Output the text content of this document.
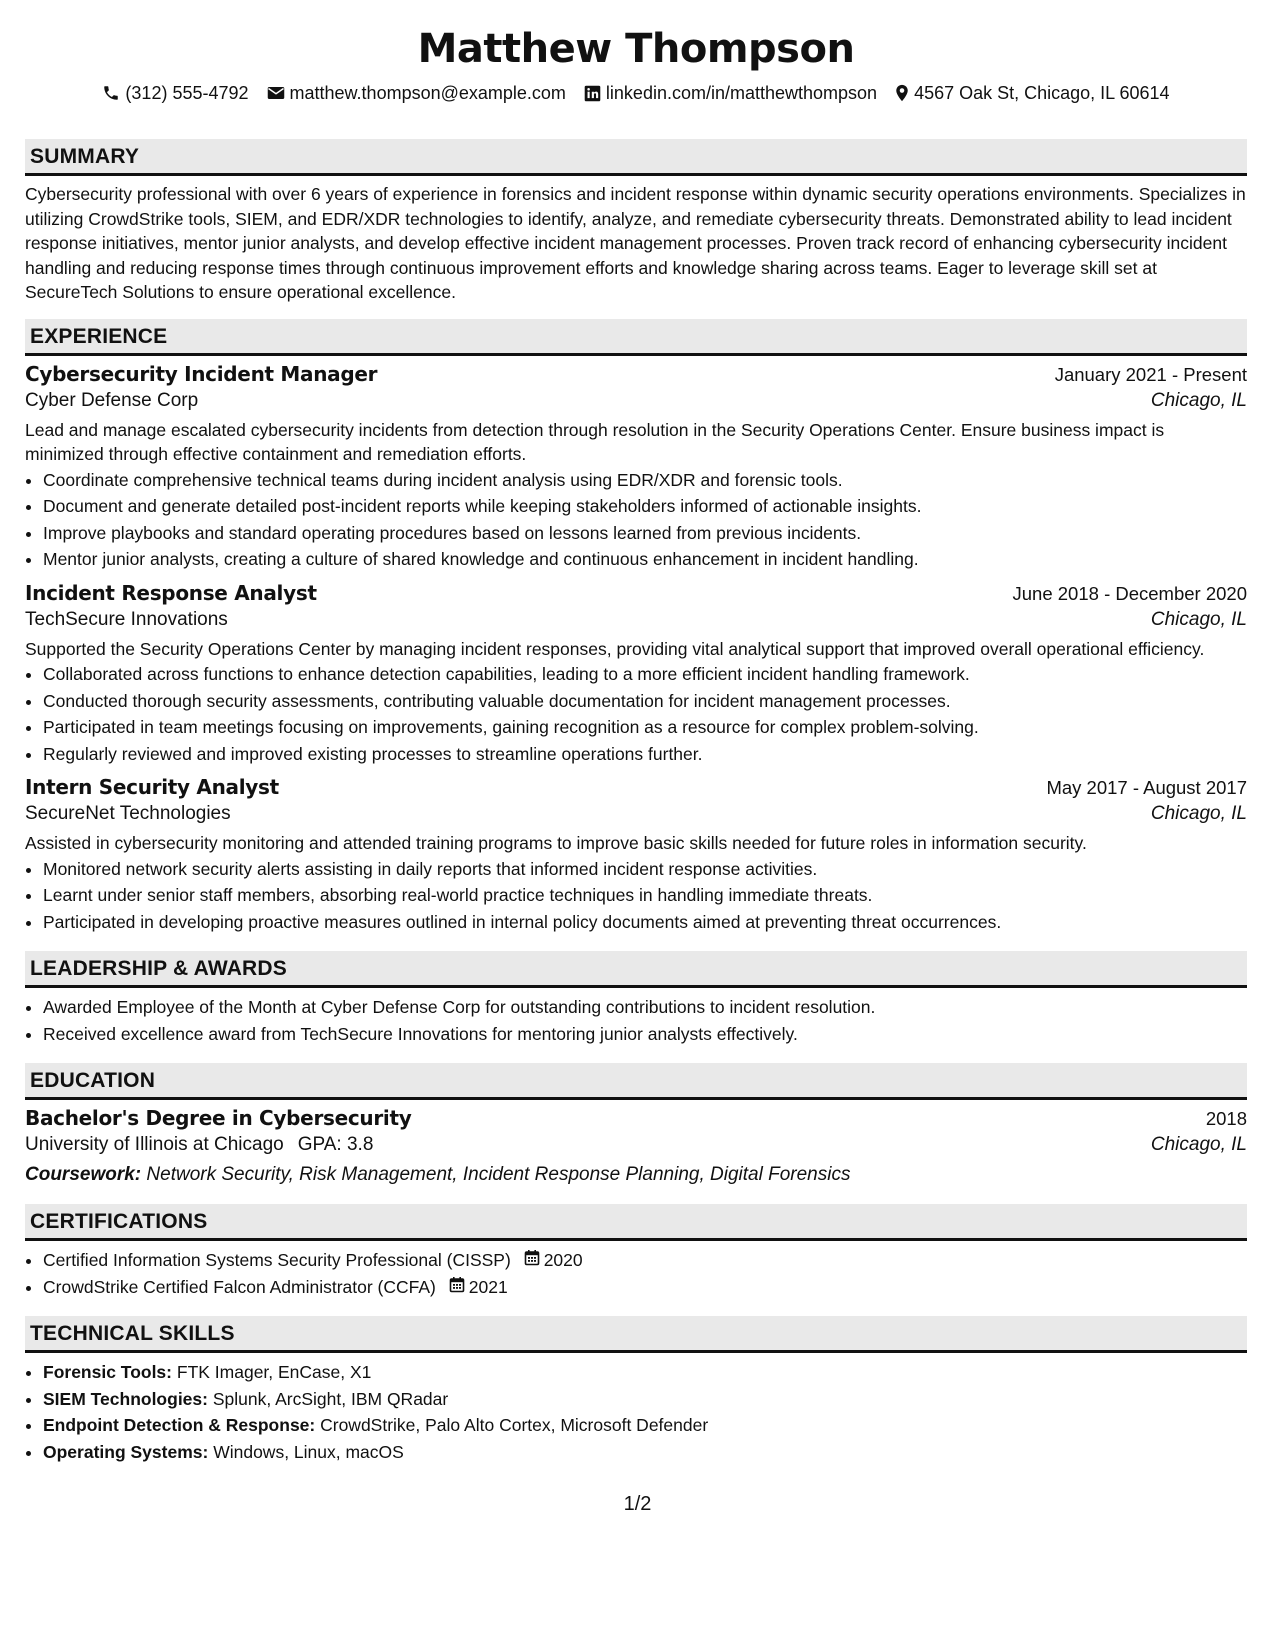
Matthew Thompson
(312) 555-4792 matthew.thompson@example.com linkedin.com/in/matthewthompson 4567 Oak St, Chicago, IL 60614
SUMMARY
Cybersecurity professional with over 6 years of experience in forensics and incident response within dynamic security operations environments. Specializes in utilizing CrowdStrike tools, SIEM, and EDR/XDR technologies to identify, analyze, and remediate cybersecurity threats. Demonstrated ability to lead incident response initiatives, mentor junior analysts, and develop effective incident management processes. Proven track record of enhancing cybersecurity incident handling and reducing response times through continuous improvement efforts and knowledge sharing across teams. Eager to leverage skill set at SecureTech Solutions to ensure operational excellence.
EXPERIENCE
Cybersecurity Incident Manager	January 2021 - Present
Cyber Defense Corp	Chicago, IL
Lead and manage escalated cybersecurity incidents from detection through resolution in the Security Operations Center. Ensure business impact is minimized through effective containment and remediation efforts.
• Coordinate comprehensive technical teams during incident analysis using EDR/XDR and forensic tools.
• Document and generate detailed post-incident reports while keeping stakeholders informed of actionable insights.
• Improve playbooks and standard operating procedures based on lessons learned from previous incidents.
• Mentor junior analysts, creating a culture of shared knowledge and continuous enhancement in incident handling.
Incident Response Analyst	June 2018 - December 2020
TechSecure Innovations	Chicago, IL
Supported the Security Operations Center by managing incident responses, providing vital analytical support that improved overall operational efficiency.
• Collaborated across functions to enhance detection capabilities, leading to a more efficient incident handling framework.
• Conducted thorough security assessments, contributing valuable documentation for incident management processes.
• Participated in team meetings focusing on improvements, gaining recognition as a resource for complex problem-solving.
• Regularly reviewed and improved existing processes to streamline operations further.
Intern Security Analyst	May 2017 - August 2017
SecureNet Technologies	Chicago, IL
Assisted in cybersecurity monitoring and attended training programs to improve basic skills needed for future roles in information security.
• Monitored network security alerts assisting in daily reports that informed incident response activities.
• Learnt under senior staff members, absorbing real-world practice techniques in handling immediate threats.
• Participated in developing proactive measures outlined in internal policy documents aimed at preventing threat occurrences.
LEADERSHIP & AWARDS
• Awarded Employee of the Month at Cyber Defense Corp for outstanding contributions to incident resolution.
• Received excellence award from TechSecure Innovations for mentoring junior analysts effectively.
EDUCATION
Bachelor's Degree in Cybersecurity	2018
University of Illinois at Chicago GPA: 3.8	Chicago, IL
Coursework: Network Security, Risk Management, Incident Response Planning, Digital Forensics
CERTIFICATIONS
• Certified Information Systems Security Professional (CISSP) 2020
• CrowdStrike Certified Falcon Administrator (CCFA) 2021
TECHNICAL SKILLS
• Forensic Tools: FTK Imager, EnCase, X1
• SIEM Technologies: Splunk, ArcSight, IBM QRadar
• Endpoint Detection & Response: CrowdStrike, Palo Alto Cortex, Microsoft Defender
• Operating Systems: Windows, Linux, macOS
1/2
